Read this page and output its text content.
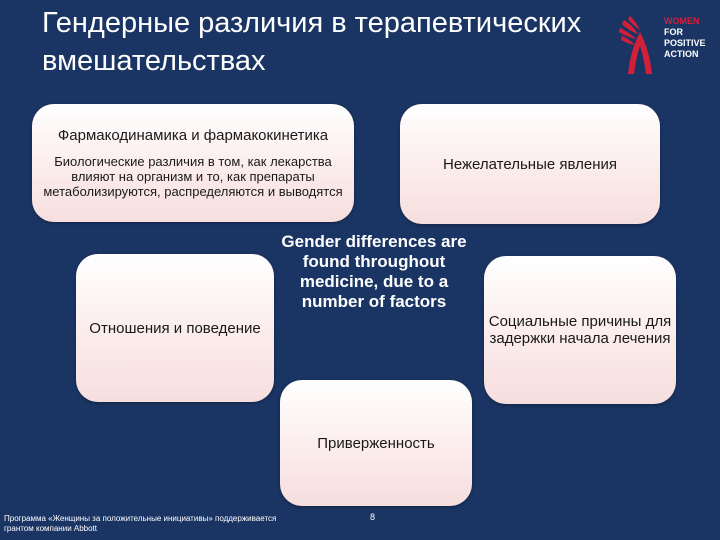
Гендерные различия в терапевтических вмешательствах
WOMEN
FOR
POSITIVE
ACTION
Фармакодинамика и фармакокинетика
Биологические различия в том, как лекарства влияют на организм и то, как препараты метаболизируются, распределяются и выводятся
Нежелательные явления
Отношения и поведение	Социальные причины для задержки начала лечения
Приверженность
Gender differences are found throughout medicine, due to a number of factors
Программа «Женщины за положительные инициативы» поддерживается грантом компании Abbott
8
